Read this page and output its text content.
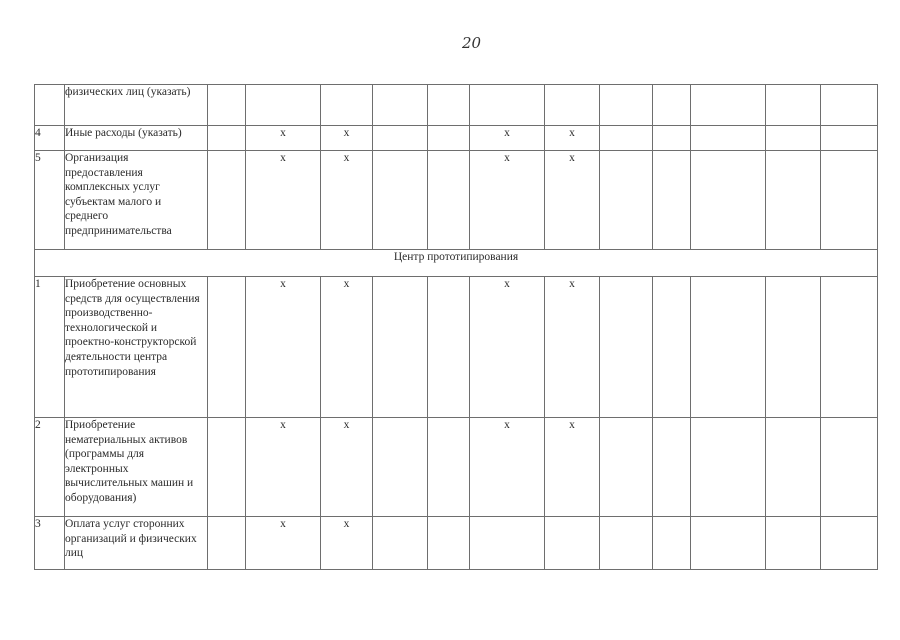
20
	физических лиц (указать)												
4	Иные расходы (указать)		x	x			x	x					
5	Организация предоставления комплексных услуг субъектам малого и среднего предпринимательства		x	x			x	x					
Центр прототипирования													
1	Приобретение основных средств для осуществления производственно-технологической и проектно-конструкторской деятельности центра прототипирования		x	x			x	x					
2	Приобретение нематериальных активов (программы для электронных вычислительных машин и оборудования)		x	x			x	x					
3	Оплата услуг сторонних организаций и физических лиц		x	x									
